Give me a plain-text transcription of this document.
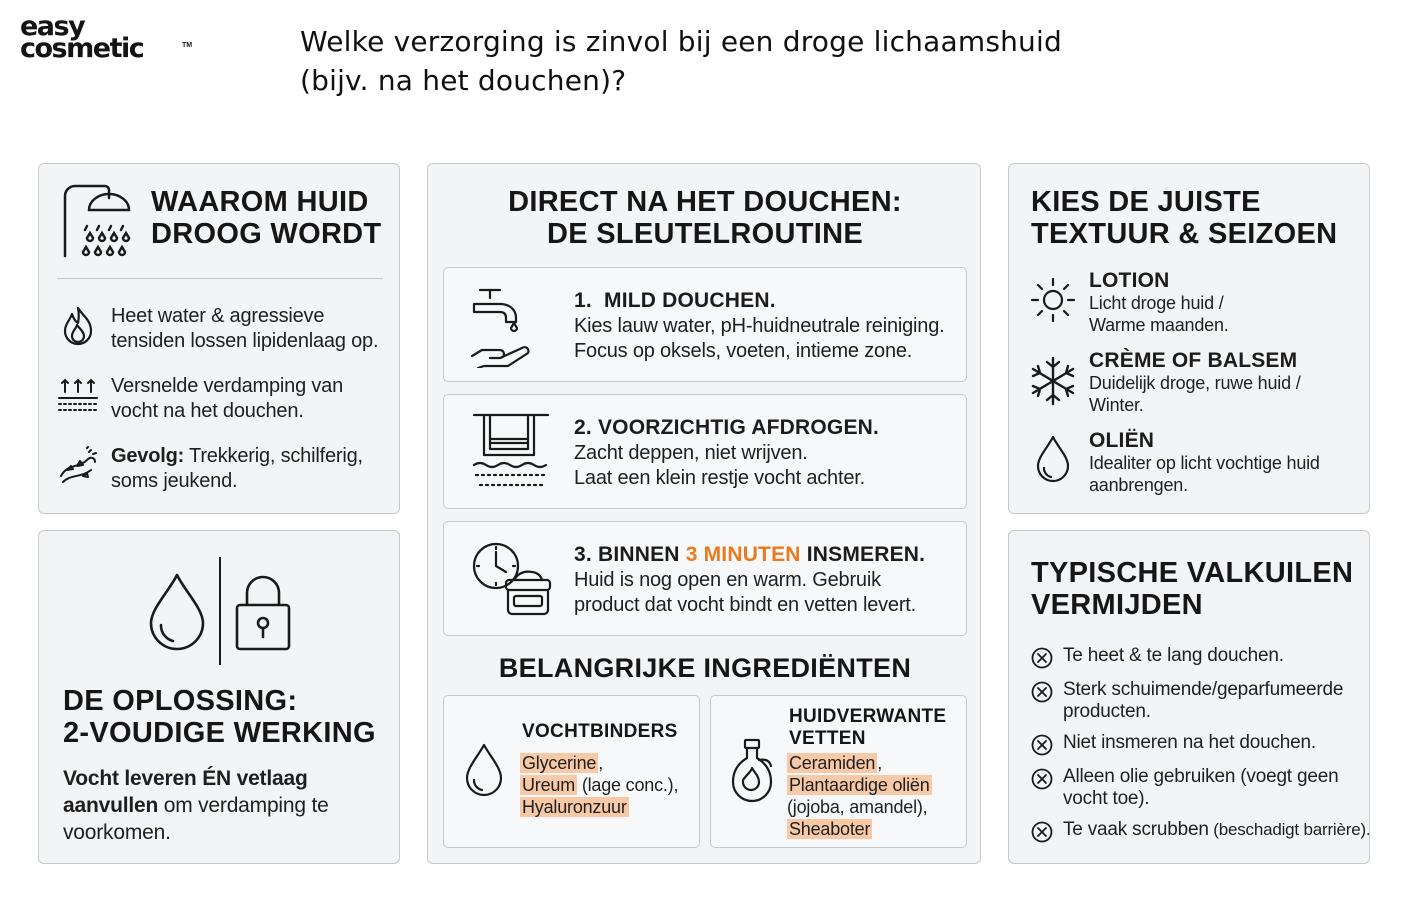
easy
cosmetic	TM	Welke verzorging is zinvol bij een droge lichaamshuid
(bijv. na het douchen)?
WAAROM HUID
DROOG WORDT
Heet water & agressieve
tensiden lossen lipidenlaag op.
Versnelde verdamping van
vocht na het douchen.
Gevolg: Trekkerig, schilferig,
soms jeukend.
DE OPLOSSING:
2-VOUDIGE WERKING
Vocht leveren ÉN vetlaag
aanvullen om verdamping te
voorkomen.
DIRECT NA HET DOUCHEN:
DE SLEUTELROUTINE
1. MILD DOUCHEN.
Kies lauw water, pH-huidneutrale reiniging.
Focus op oksels, voeten, intieme zone.
2. VOORZICHTIG AFDROGEN.
Zacht deppen, niet wrijven.
Laat een klein restje vocht achter.
3. BINNEN 3 MINUTEN INSMEREN.
Huid is nog open en warm. Gebruik
product dat vocht bindt en vetten levert.
BELANGRIJKE INGREDIËNTEN
VOCHTBINDERS
Glycerine ,
Ureum (lage conc.),
Hyaluronzuur
HUIDVERWANTE
VETTEN
Ceramiden ,
Plantaardige oliën
(jojoba, amandel),
Sheaboter
KIES DE JUISTE
TEXTUUR & SEIZOEN
LOTION
Licht droge huid /
Warme maanden.
CRÈME OF BALSEM
Duidelijk droge, ruwe huid /
Winter.
OLIËN
Idealiter op licht vochtige huid
aanbrengen.
TYPISCHE VALKUILEN
VERMIJDEN
Te heet & te lang douchen.
Sterk schuimende/geparfumeerde
producten.
Niet insmeren na het douchen.
Alleen olie gebruiken (voegt geen
vocht toe).
Te vaak scrubben (beschadigt barrière).
